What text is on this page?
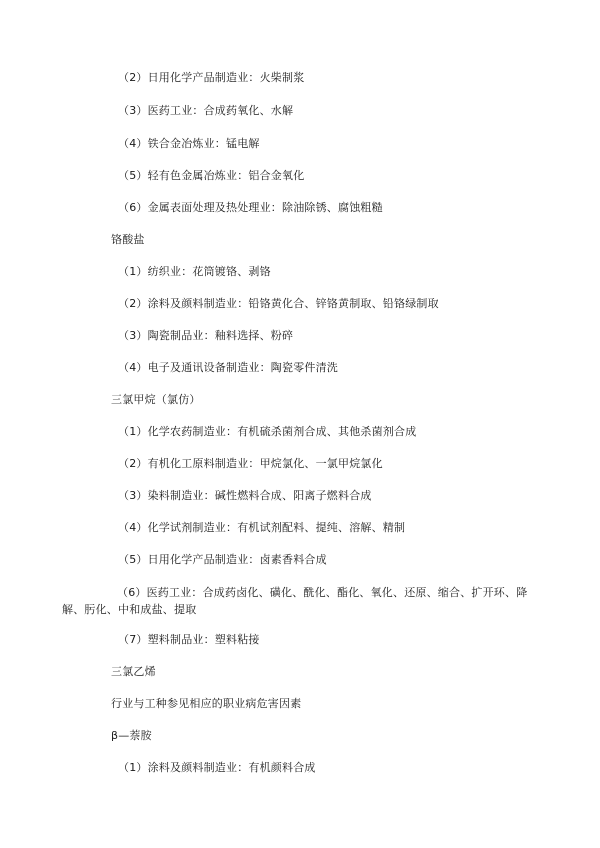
（2）日用化学产品制造业：火柴制浆
（3）医药工业：合成药氧化、水解
（4）铁合金冶炼业：锰电解
（5）轻有色金属冶炼业：铝合金氧化
（6）金属表面处理及热处理业：除油除锈、腐蚀粗糙
铬酸盐
（1）纺织业：花筒镀铬、剥铬
（2）涂料及颜料制造业：铅铬黄化合、锌铬黄制取、铅铬绿制取
（3）陶瓷制品业：釉料选择、粉碎
（4）电子及通讯设备制造业：陶瓷零件清洗
三氯甲烷（氯仿）
（1）化学农药制造业：有机硫杀菌剂合成、其他杀菌剂合成
（2）有机化工原料制造业：甲烷氯化、一氯甲烷氯化
（3）染料制造业：碱性燃料合成、阳离子燃料合成
（4）化学试剂制造业：有机试剂配料、提纯、溶解、精制
（5）日用化学产品制造业：卤素香料合成
（6）医药工业：合成药卤化、磺化、酰化、酯化、氧化、还原、缩合、扩开环、降解、肟化、中和成盐、提取
（7）塑料制品业：塑料粘接
三氯乙烯
行业与工种参见相应的职业病危害因素
β—萘胺
（1）涂料及颜料制造业：有机颜料合成
